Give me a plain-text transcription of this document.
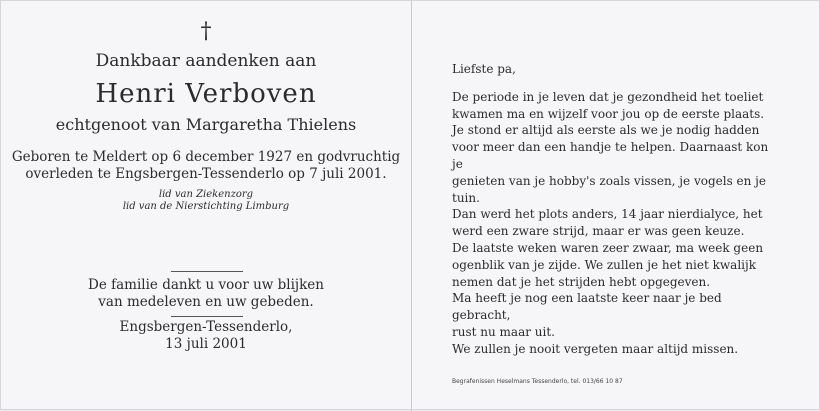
†
Dankbaar aandenken aan
Henri Verboven
echtgenoot van Margaretha Thielens
Geboren te Meldert op 6 december 1927 en godvruchtig
overleden te Engsbergen-Tessenderlo op 7 juli 2001.
lid van Ziekenzorg
lid van de Nierstichting Limburg
De familie dankt u voor uw blijken
van medeleven en uw gebeden.
Engsbergen-Tessenderlo,
13 juli 2001

Liefste pa,

De periode in je leven dat je gezondheid het toeliet

kwamen ma en wijzelf voor jou op de eerste plaats.

Je stond er altijd als eerste als we je nodig hadden

voor meer dan een handje te helpen. Daarnaast kon je

genieten van je hobby's zoals vissen, je vogels en je

tuin.

Dan werd het plots anders, 14 jaar nierdialyce, het

werd een zware strijd, maar er was geen keuze.

De laatste weken waren zeer zwaar, ma week geen

ogenblik van je zijde. We zullen je het niet kwalijk

nemen dat je het strijden hebt opgegeven.

Ma heeft je nog een laatste keer naar je bed gebracht,

rust nu maar uit.

We zullen je nooit vergeten maar altijd missen.

Begrafenissen Heselmans Tessenderlo, tel. 013/66 10 87
